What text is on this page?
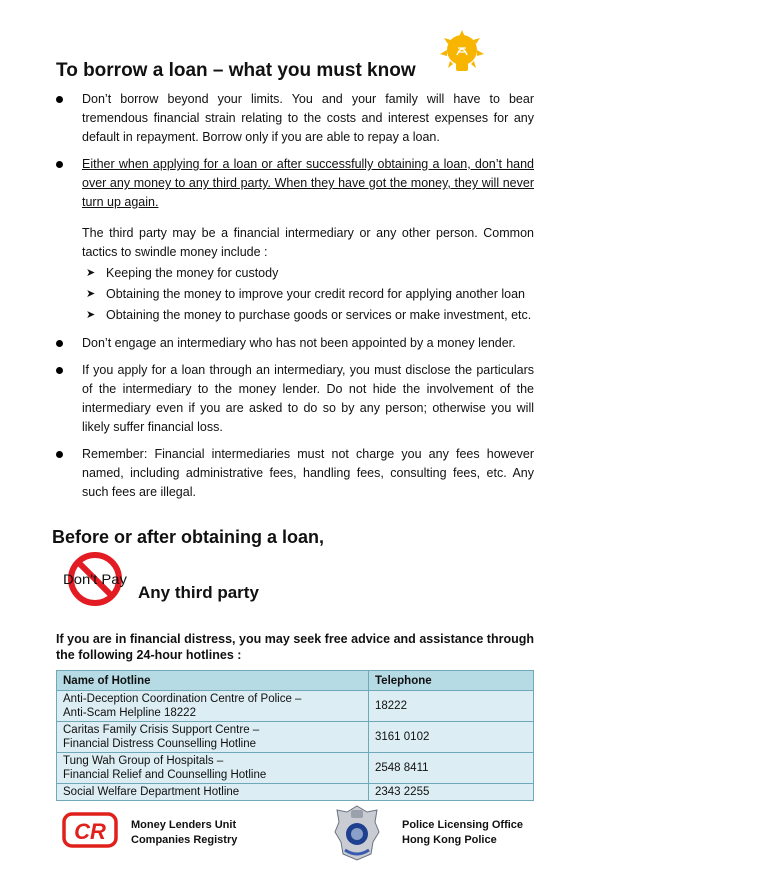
To borrow a loan – what you must know
Don’t borrow beyond your limits. You and your family will have to bear tremendous financial strain relating to the costs and interest expenses for any default in repayment. Borrow only if you are able to repay a loan.
Either when applying for a loan or after successfully obtaining a loan, don’t hand over any money to any third party. When they have got the money, they will never turn up again.
The third party may be a financial intermediary or any other person. Common tactics to swindle money include :
➤ Keeping the money for custody
➤ Obtaining the money to improve your credit record for applying another loan
➤ Obtaining the money to purchase goods or services or make investment, etc.
Don’t engage an intermediary who has not been appointed by a money lender.
If you apply for a loan through an intermediary, you must disclose the particulars of the intermediary to the money lender. Do not hide the involvement of the intermediary even if you are asked to do so by any person; otherwise you will likely suffer financial loss.
Remember: Financial intermediaries must not charge you any fees however named, including administrative fees, handling fees, consulting fees, etc. Any such fees are illegal.
Before or after obtaining a loan,
Don't Pay
Any third party
If you are in financial distress, you may seek free advice and assistance through the following 24-hour hotlines :
Name of Hotline	Telephone

Anti-Deception Coordination Centre of Police –
Anti-Scam Helpline 18222	18222

Caritas Family Crisis Support Centre –
Financial Distress Counselling Hotline	3161 0102

Tung Wah Group of Hospitals –
Financial Relief and Counselling Hotline	2548 8411

Social Welfare Department Hotline	2343 2255
CR Money Lenders Unit
Companies Registry
Police Licensing Office
Hong Kong Police
